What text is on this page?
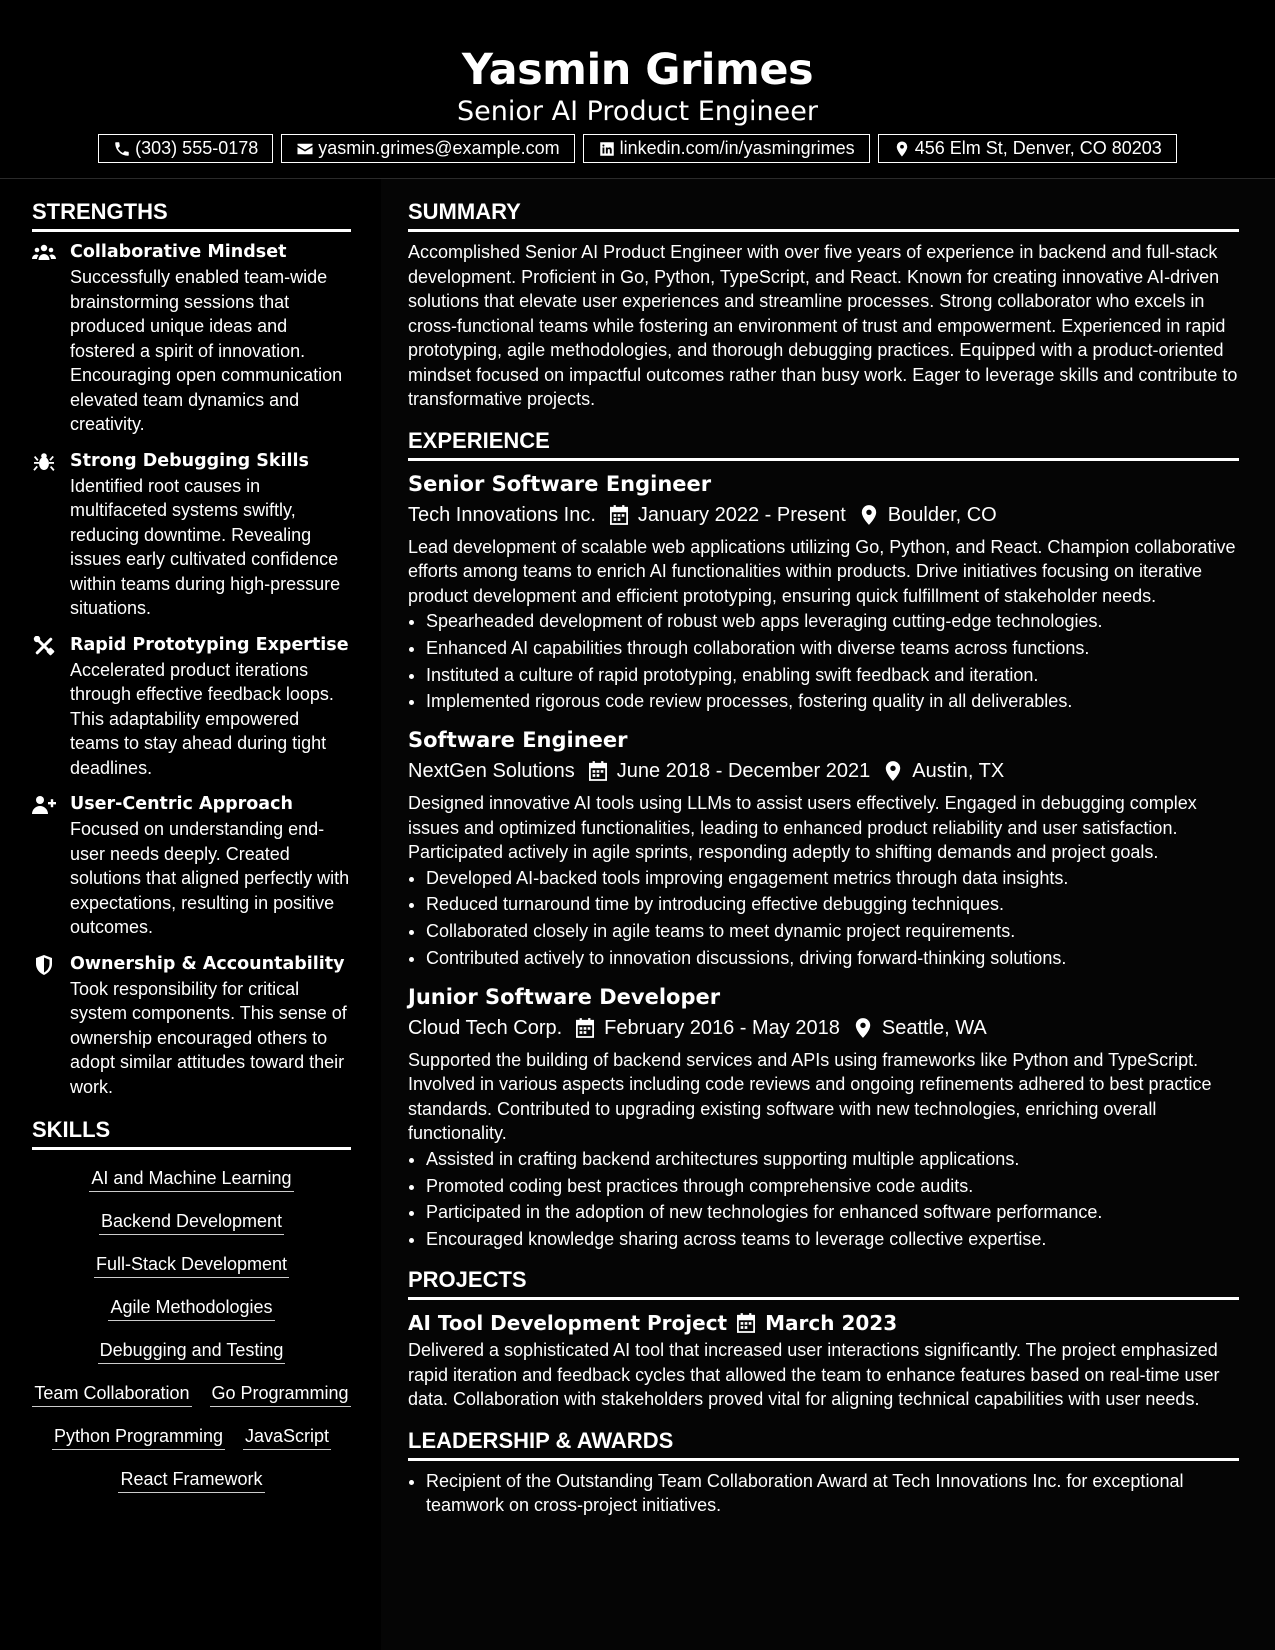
Yasmin Grimes
Senior AI Product Engineer
(303) 555-0178	yasmin.grimes@example.com	linkedin.com/in/yasmingrimes	456 Elm St, Denver, CO 80203
STRENGTHS
Collaborative Mindset

Successfully enabled team-wide brainstorming sessions that produced unique ideas and fostered a spirit of innovation. Encouraging open communication elevated team dynamics and creativity.

Strong Debugging Skills

Identified root causes in multifaceted systems swiftly, reducing downtime. Revealing issues early cultivated confidence within teams during high-pressure situations.

Rapid Prototyping Expertise

Accelerated product iterations through effective feedback loops. This adaptability empowered teams to stay ahead during tight deadlines.

User-Centric Approach

Focused on understanding end-user needs deeply. Created solutions that aligned perfectly with expectations, resulting in positive outcomes.

Ownership & Accountability

Took responsibility for critical system components. This sense of ownership encouraged others to adopt similar attitudes toward their work.

SKILLS
AI and Machine Learning
Backend Development
Full-Stack Development
Agile Methodologies
Debugging and Testing
Team Collaboration Go Programming
Python Programming JavaScript
React Framework
SUMMARY

Accomplished Senior AI Product Engineer with over five years of experience in backend and full-stack development. Proficient in Go, Python, TypeScript, and React. Known for creating innovative AI-driven solutions that elevate user experiences and streamline processes. Strong collaborator who excels in cross-functional teams while fostering an environment of trust and empowerment. Experienced in rapid prototyping, agile methodologies, and thorough debugging practices. Equipped with a product-oriented mindset focused on impactful outcomes rather than busy work. Eager to leverage skills and contribute to transformative projects.

EXPERIENCE
Senior Software Engineer
Tech Innovations Inc. January 2022 - Present Boulder, CO

Lead development of scalable web applications utilizing Go, Python, and React. Champion collaborative efforts among teams to enrich AI functionalities within products. Drive initiatives focusing on iterative product development and efficient prototyping, ensuring quick fulfillment of stakeholder needs.

• Spearheaded development of robust web apps leveraging cutting-edge technologies.
• Enhanced AI capabilities through collaboration with diverse teams across functions.
• Instituted a culture of rapid prototyping, enabling swift feedback and iteration.
• Implemented rigorous code review processes, fostering quality in all deliverables.
Software Engineer
NextGen Solutions June 2018 - December 2021 Austin, TX

Designed innovative AI tools using LLMs to assist users effectively. Engaged in debugging complex issues and optimized functionalities, leading to enhanced product reliability and user satisfaction. Participated actively in agile sprints, responding adeptly to shifting demands and project goals.

• Developed AI-backed tools improving engagement metrics through data insights.
• Reduced turnaround time by introducing effective debugging techniques.
• Collaborated closely in agile teams to meet dynamic project requirements.
• Contributed actively to innovation discussions, driving forward-thinking solutions.
Junior Software Developer
Cloud Tech Corp. February 2016 - May 2018 Seattle, WA

Supported the building of backend services and APIs using frameworks like Python and TypeScript. Involved in various aspects including code reviews and ongoing refinements adhered to best practice standards. Contributed to upgrading existing software with new technologies, enriching overall functionality.

• Assisted in crafting backend architectures supporting multiple applications.
• Promoted coding best practices through comprehensive code audits.
• Participated in the adoption of new technologies for enhanced software performance.
• Encouraged knowledge sharing across teams to leverage collective expertise.
PROJECTS
AI Tool Development Project March 2023

Delivered a sophisticated AI tool that increased user interactions significantly. The project emphasized rapid iteration and feedback cycles that allowed the team to enhance features based on real-time user data. Collaboration with stakeholders proved vital for aligning technical capabilities with user needs.

LEADERSHIP & AWARDS
• Recipient of the Outstanding Team Collaboration Award at Tech Innovations Inc. for exceptional teamwork on cross-project initiatives.
